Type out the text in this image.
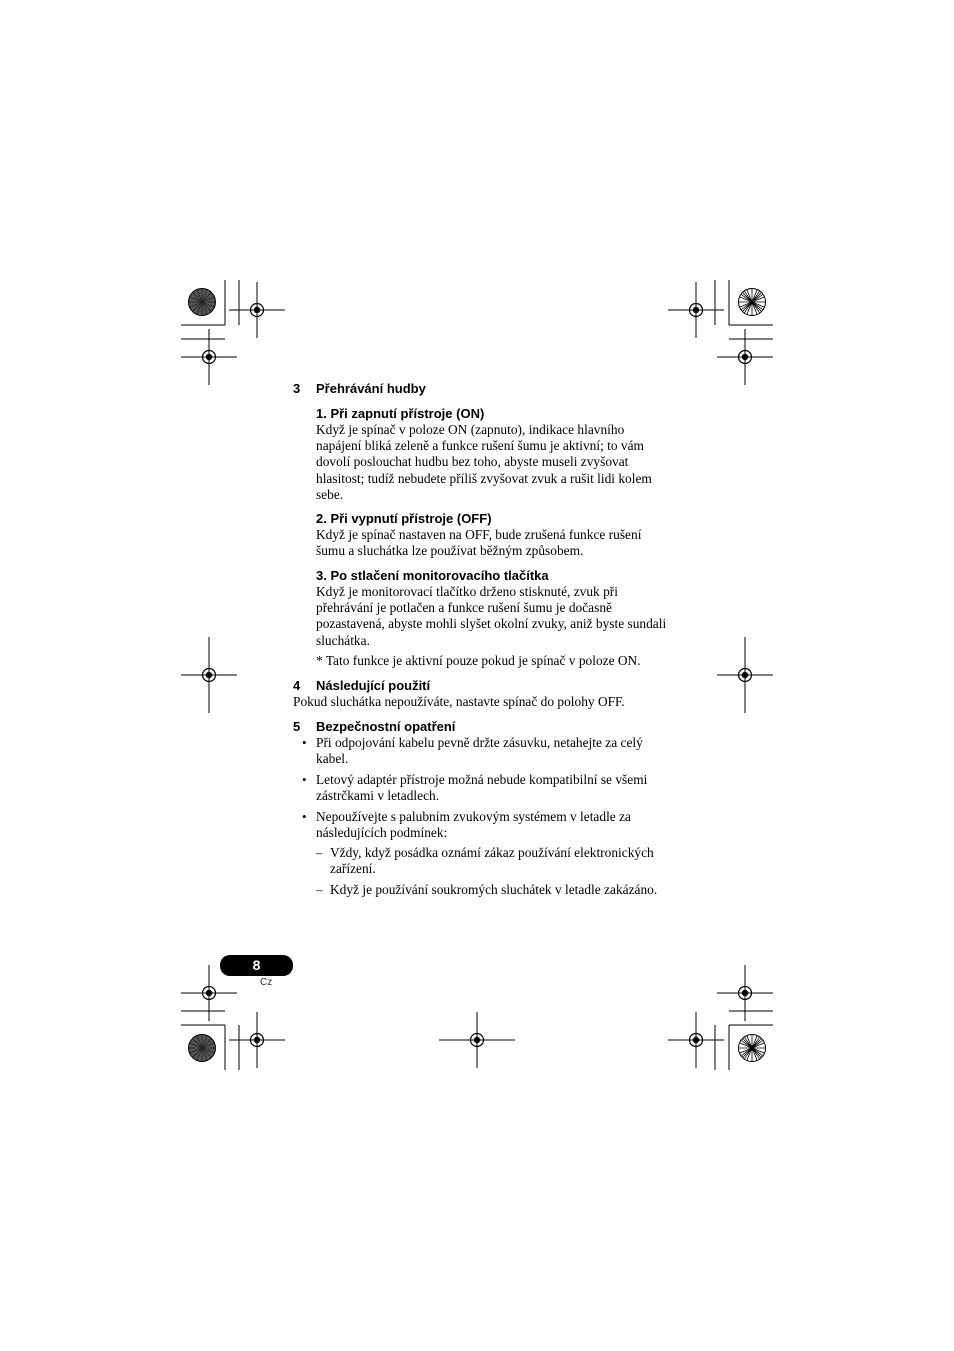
3 Přehrávání hudby
1. Při zapnutí přístroje (ON)

Když je spínač v poloze ON (zapnuto), indikace hlavního napájení bliká zeleně a funkce rušení šumu je aktivní; to vám dovolí poslouchat hudbu bez toho, abyste museli zvyšovat hlasitost; tudíž nebudete příliš zvyšovat zvuk a rušit lidi kolem sebe.

2. Při vypnutí přístroje (OFF)

Když je spínač nastaven na OFF, bude zrušená funkce rušení šumu a sluchátka lze používat běžným způsobem.

3. Po stlačení monitorovacího tlačítka

Když je monitorovací tlačítko drženo stisknuté, zvuk při přehrávání je potlačen a funkce rušení šumu je dočasně pozastavená, abyste mohli slyšet okolní zvuky, aniž byste sundali sluchátka.

* Tato funkce je aktivní pouze pokud je spínač v poloze ON.

4 Následující použití

Pokud sluchátka nepoužíváte, nastavte spínač do polohy OFF.

5 Bezpečnostní opatření
• Při odpojování kabelu pevně držte zásuvku, netahejte za celý kabel.

• Letový adaptér přístroje možná nebude kompatibilní se všemi zástrčkami v letadlech.

• Nepoužívejte s palubním zvukovým systémem v letadle za následujících podmínek:

– Vždy, když posádka oznámí zákaz používání elektronických zařízení.

– Když je používání soukromých sluchátek v letadle zakázáno.

8
Cz
